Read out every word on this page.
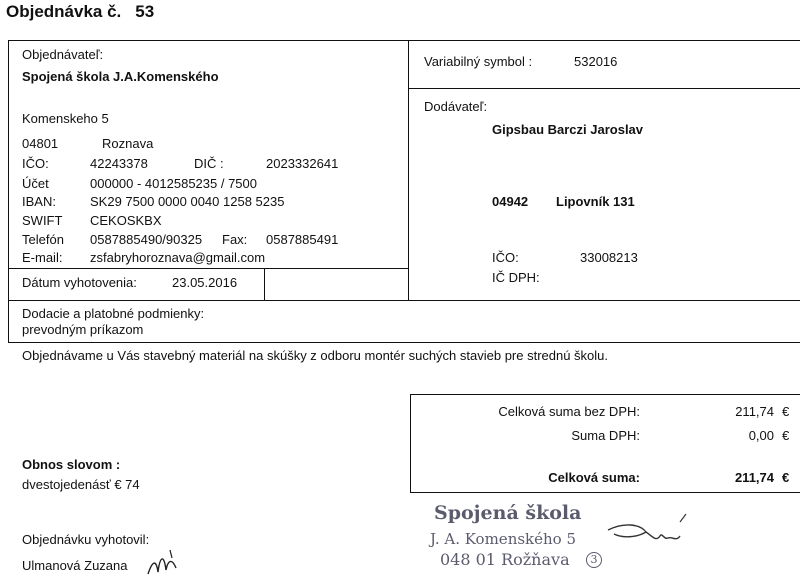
Objednávka č. 53
Objednávateľ:
Spojená škola J.A.Komenského
Komenskeho 5
04801	Roznava
IČO:	42243378	DIČ :	2023332641
Účet	000000 - 4012585235 / 7500
IBAN:	SK29 7500 0000 0040 1258 5235
SWIFT CEKOSKBX
Telefón 0587885490/90325 Fax: 0587885491
E-mail: zsfabryhoroznava@gmail.com
Dátum vyhotovenia:	23.05.2016
Variabilný symbol :	532016
Dodávateľ:
Gipsbau Barczi Jaroslav
04942 Lipovník 131
IČO:	33008213
IČ DPH:
Dodacie a platobné podmienky:
prevodným príkazom
Objednávame u Vás stavebný materiál na skúšky z odboru montér suchých stavieb pre strednú školu.
Celková suma bez DPH:	211,74 €
Suma DPH:	0,00 €
Celková suma:	211,74 €
Obnos slovom :
dvestojedenásť € 74
Objednávku vyhotovil:
Ulmanová Zuzana
Spojená škola
J. A. Komenského 5
048 01 Rožňava	3
